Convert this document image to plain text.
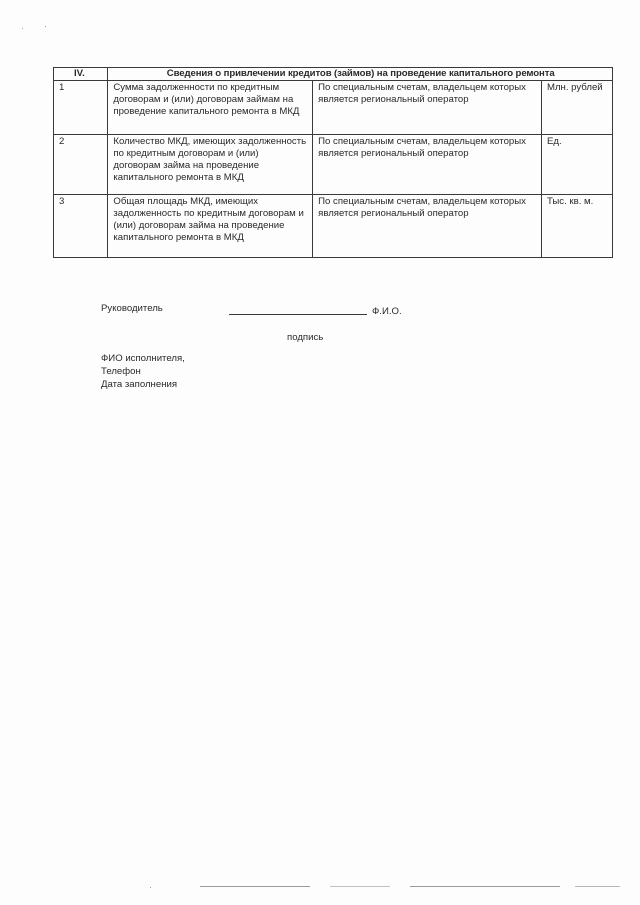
IV.	Сведения о привлечении кредитов (займов) на проведение капитального ремонта		
1	Сумма задолженности по кредитным договорам и (или) договорам займам на проведение капитального ремонта в МКД	По специальным счетам, владельцем которых является региональный оператор	Млн. рублей
2	Количество МКД, имеющих задолженность по кредитным договорам и (или) договорам займа на проведение капитального ремонта в МКД	По специальным счетам, владельцем которых является региональный оператор	Ед.
3	Общая площадь МКД, имеющих задолженность по кредитным договорам и (или) договорам займа на проведение капитального ремонта в МКД	По специальным счетам, владельцем которых является региональный оператор	Тыс. кв. м.
Руководитель	Ф.И.О.
подпись
ФИО исполнителя,
Телефон
Дата заполнения
